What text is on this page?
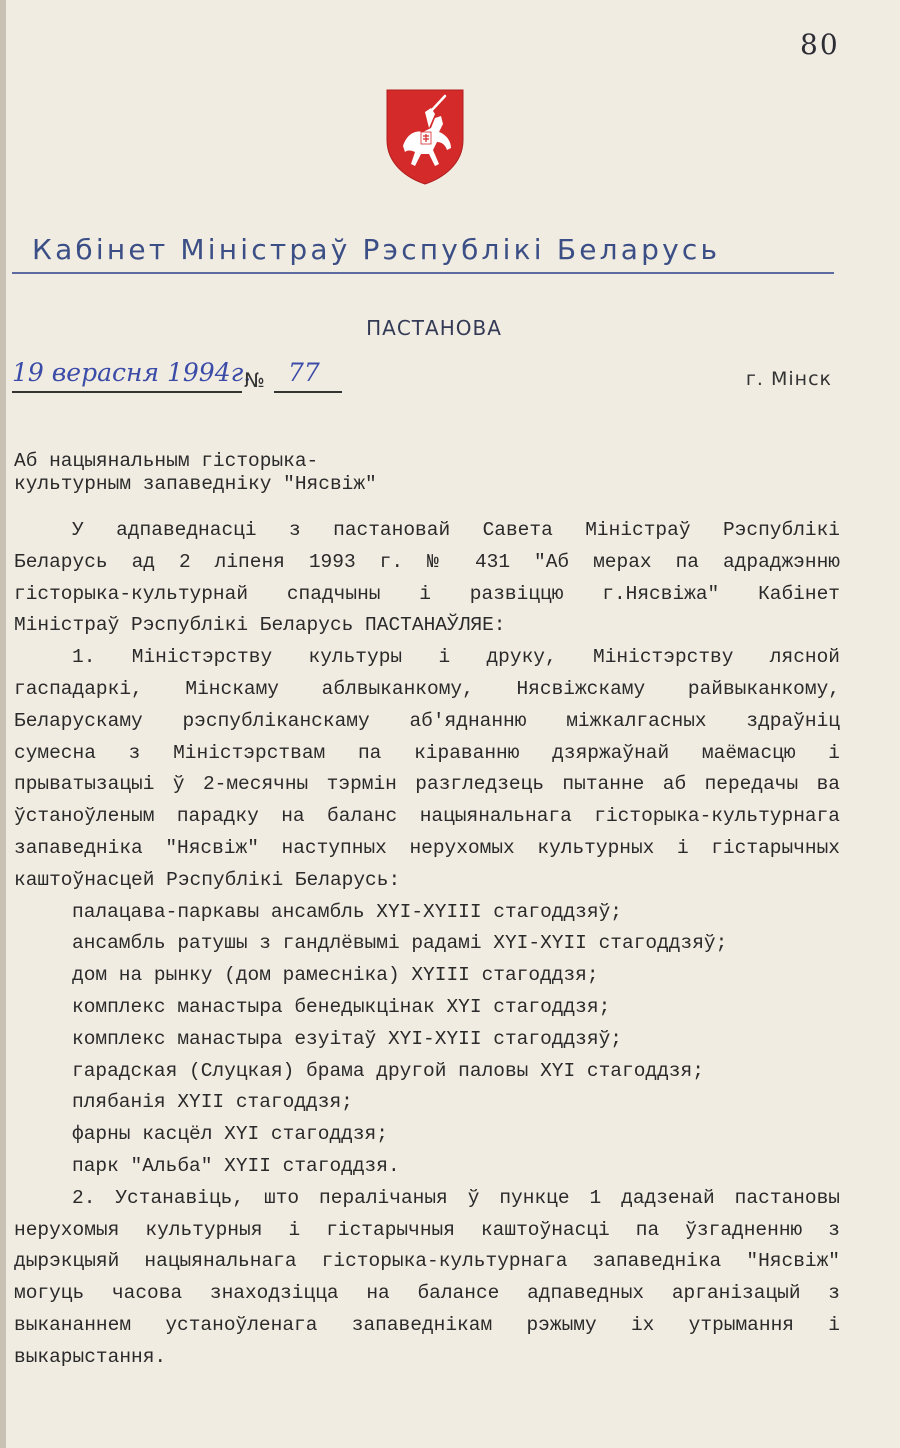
80
Кабінет Міністраў Рэспублікі Беларусь
ПАСТАНОВА
19 верасня 1994г.
№ 77	г. Мінск
Аб нацыянальным гісторыка-
культурным запаведніку "Нясвіж"
У адпаведнасці з пастановай Савета Міністраў Рэспублікі
Беларусь ад 2 ліпеня 1993 г. № 431 "Аб мерах па адраджэнню
гісторыка-культурнай спадчыны і развіццю г.Нясвіжа" Кабінет
Міністраў Рэспублікі Беларусь ПАСТАНАЎЛЯЕ:
1. Міністэрству культуры і друку, Міністэрству лясной
гаспадаркі, Мінскаму аблвыканкому, Нясвіжскаму райвыканкому,
Беларускаму рэспубліканскаму аб'яднанню міжкалгасных здраўніц
сумесна з Міністэрствам па кіраванню дзяржаўнай маёмасцю і
прыватызацыі ў 2-месячны тэрмін разгледзець пытанне аб передачы ва
ўстаноўленым парадку на баланс нацыянальнага гісторыка-культурнага
запаведніка "Нясвіж" наступных нерухомых культурных і гістарычных
каштоўнасцей Рэспублікі Беларусь:
палацава-паркавы ансамбль XYI-XYIII стагоддзяў;
ансамбль ратушы з гандлёвымі радамі XYI-XYII стагоддзяў;
дом на рынку (дом рамесніка) XYIII стагоддзя;
комплекс манастыра бенедыкцінак XYI стагоддзя;
комплекс манастыра езуітаў XYI-XYII стагоддзяў;
гарадская (Слуцкая) брама другой паловы XYI стагоддзя;
плябанія XYII стагоддзя;
фарны касцёл XYI стагоддзя;
парк "Альба" XYII стагоддзя.
2. Устанавіць, што пералічаныя ў пункце 1 дадзенай пастановы
нерухомыя культурныя і гістарычныя каштоўнасці па ўзгадненню з
дырэкцыяй нацыянальнага гісторыка-культурнага запаведніка "Нясвіж"
могуць часова знаходзіцца на балансе адпаведных арганізацый з
выкананнем устаноўленага запаведнікам рэжыму іх утрымання і
выкарыстання.
